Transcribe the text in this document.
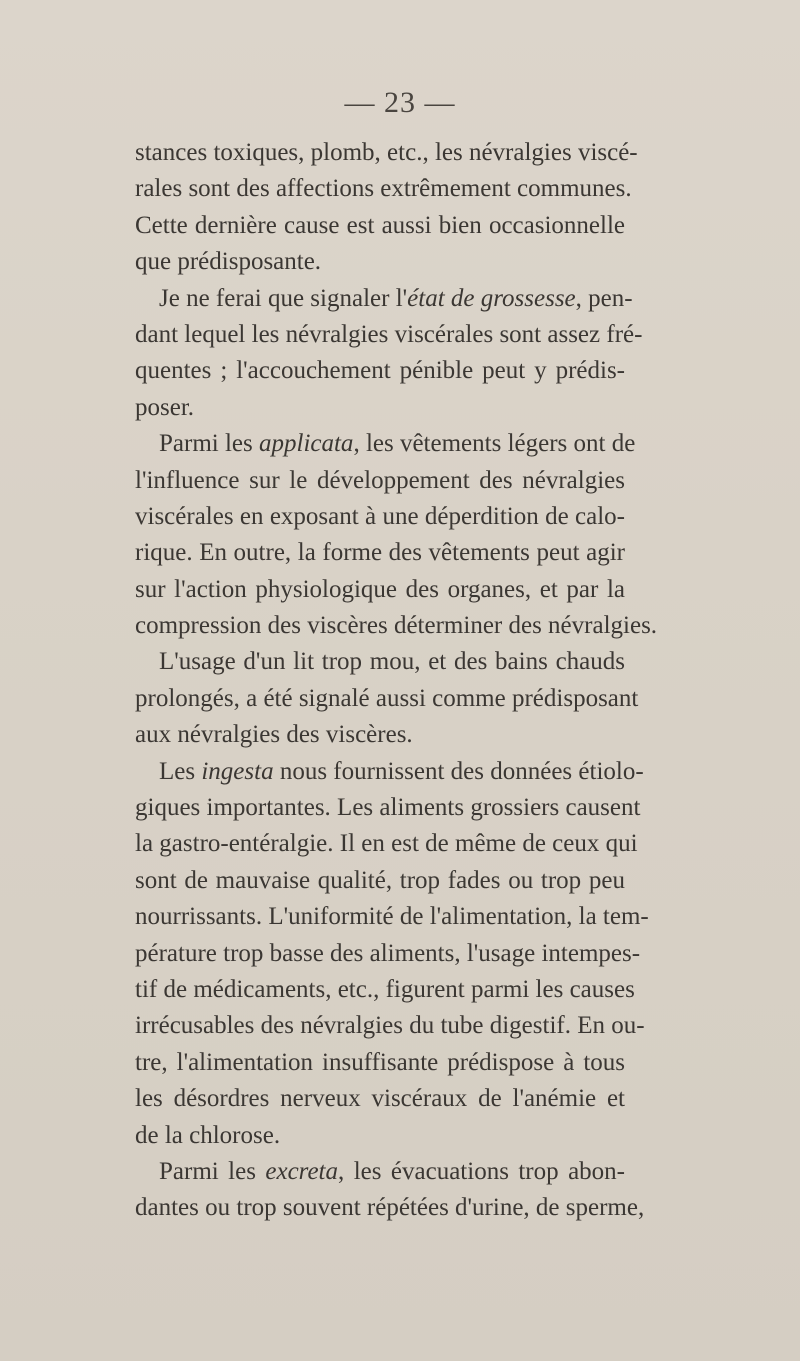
— 23 —
stances toxiques, plomb, etc., les névralgies viscé-
rales sont des affections extrêmement communes.
Cette dernière cause est aussi bien occasionnelle
que prédisposante.
Je ne ferai que signaler l'état de grossesse, pen-
dant lequel les névralgies viscérales sont assez fré-
quentes ; l'accouchement pénible peut y prédis-
poser.
Parmi les applicata, les vêtements légers ont de
l'influence sur le développement des névralgies
viscérales en exposant à une déperdition de calo-
rique. En outre, la forme des vêtements peut agir
sur l'action physiologique des organes, et par la
compression des viscères déterminer des névralgies.
L'usage d'un lit trop mou, et des bains chauds
prolongés, a été signalé aussi comme prédisposant
aux névralgies des viscères.
Les ingesta nous fournissent des données étiolo-
giques importantes. Les aliments grossiers causent
la gastro-entéralgie. Il en est de même de ceux qui
sont de mauvaise qualité, trop fades ou trop peu
nourrissants. L'uniformité de l'alimentation, la tem-
pérature trop basse des aliments, l'usage intempes-
tif de médicaments, etc., figurent parmi les causes
irrécusables des névralgies du tube digestif. En ou-
tre, l'alimentation insuffisante prédispose à tous
les désordres nerveux viscéraux de l'anémie et
de la chlorose.
Parmi les excreta, les évacuations trop abon-
dantes ou trop souvent répétées d'urine, de sperme,
